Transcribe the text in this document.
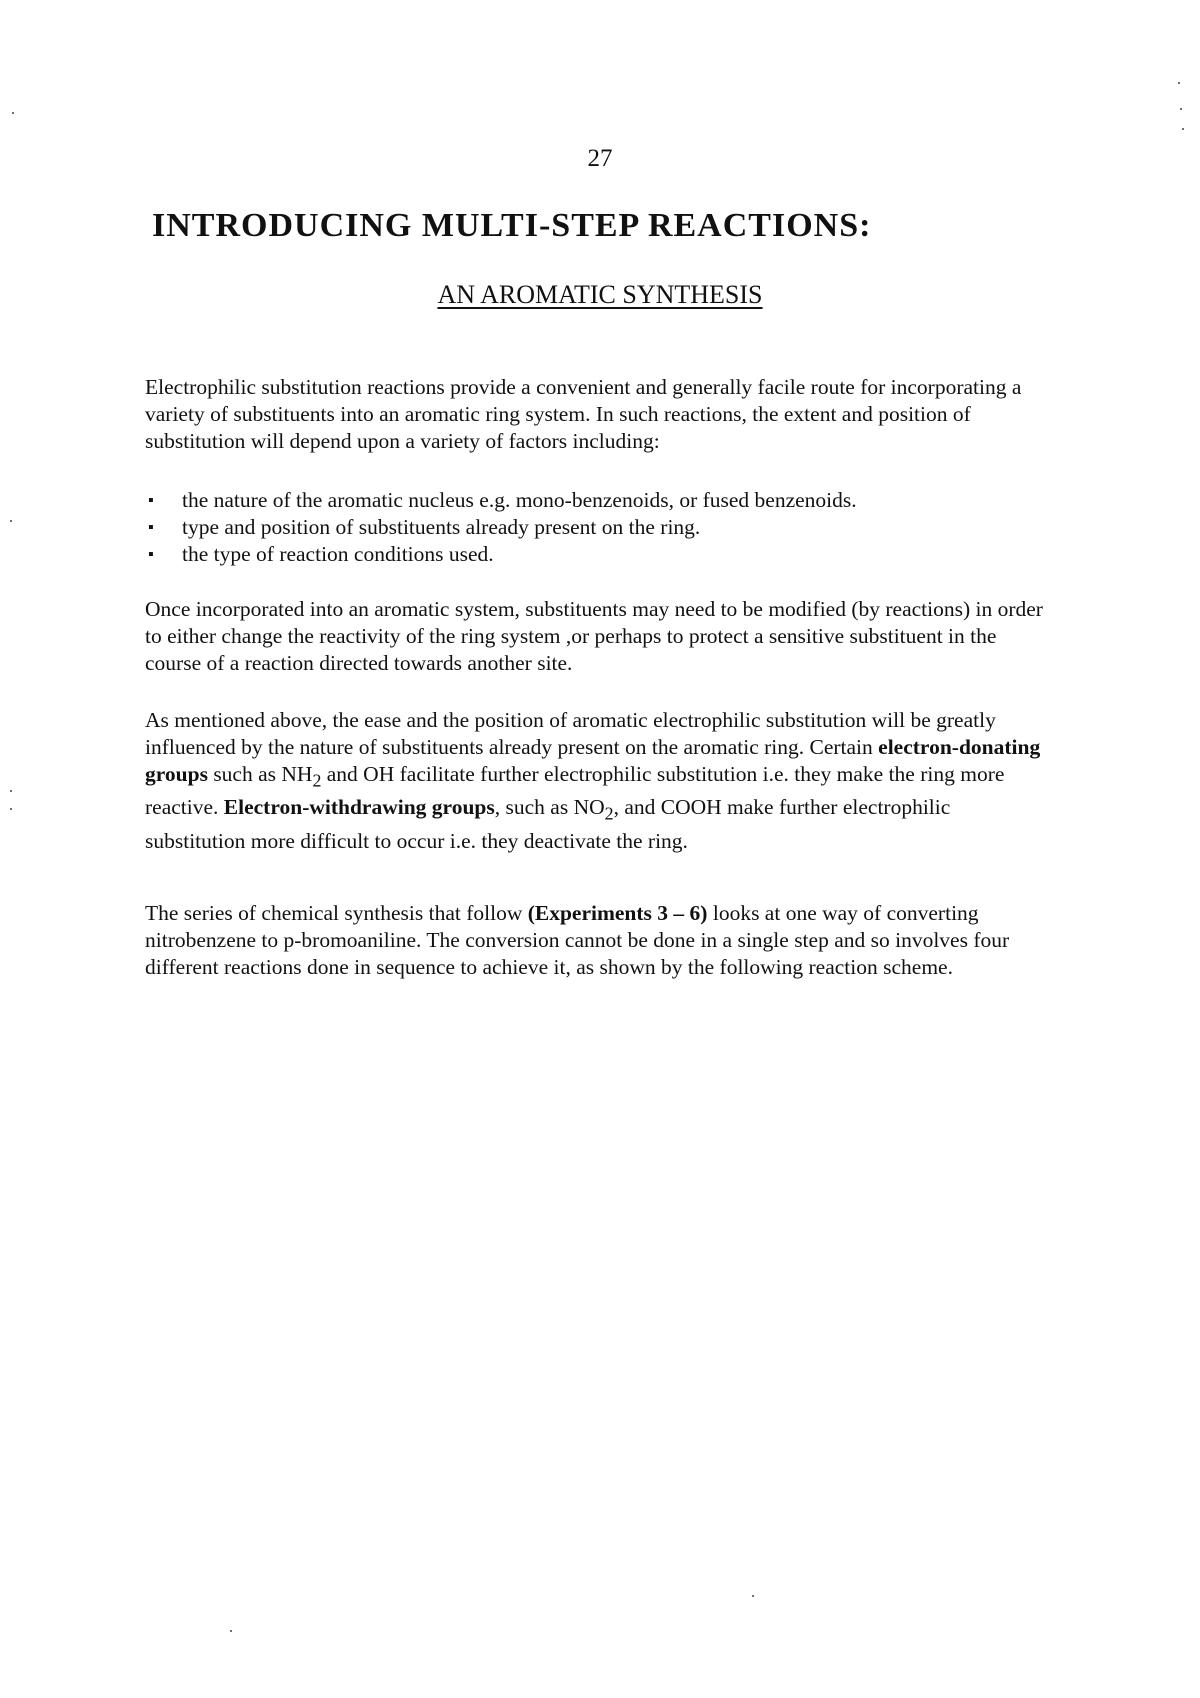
27
INTRODUCING MULTI-STEP REACTIONS:
AN AROMATIC SYNTHESIS

Electrophilic substitution reactions provide a convenient and generally facile route for incorporating a variety of substituents into an aromatic ring system. In such reactions, the extent and position of substitution will depend upon a variety of factors including:

▪ the nature of the aromatic nucleus e.g. mono-benzenoids, or fused benzenoids.
▪ type and position of substituents already present on the ring.
▪ the type of reaction conditions used.

Once incorporated into an aromatic system, substituents may need to be modified (by reactions) in order to either change the reactivity of the ring system ,or perhaps to protect a sensitive substituent in the course of a reaction directed towards another site.

As mentioned above, the ease and the position of aromatic electrophilic substitution will be greatly influenced by the nature of substituents already present on the aromatic ring. Certain electron-donating groups such as $NH_2$ and OH facilitate further electrophilic substitution i.e. they make the ring more reactive. Electron-withdrawing groups, such as $NO_2$, and COOH make further electrophilic substitution more difficult to occur i.e. they deactivate the ring.

The series of chemical synthesis that follow (Experiments 3 – 6) looks at one way of converting nitrobenzene to p-bromoaniline. The conversion cannot be done in a single step and so involves four different reactions done in sequence to achieve it, as shown by the following reaction scheme.
